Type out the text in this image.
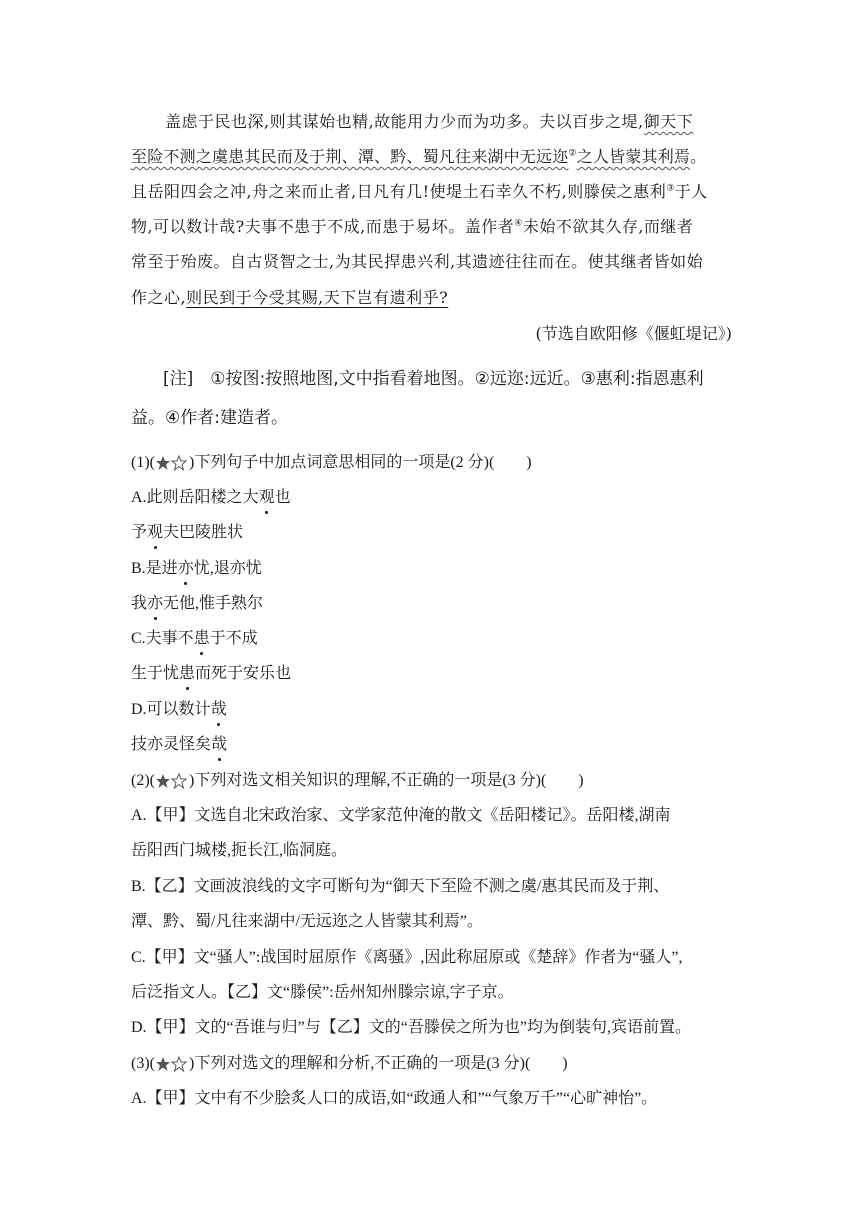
盖虑于民也深,则其谋始也精,故能用力少而为功多。夫以百步之堤,御天下
至险不测之虞患其民而及于荆、潭、黔、蜀凡往来湖中无远迩②之人皆蒙其利焉。
且岳阳四会之冲,舟之来而止者,日凡有几!使堤土石幸久不朽,则滕侯之惠利③于人
物,可以数计哉?夫事不患于不成,而患于易坏。盖作者④未始不欲其久存,而继者
常至于殆废。自古贤智之士,为其民捍患兴利,其遗迹往往而在。使其继者皆如始
作之心,则民到于今受其赐,天下岂有遗利乎?
(节选自欧阳修《偃虹堤记》)
[注]　①按图:按照地图,文中指看着地图。②远迩:远近。③惠利:指恩惠利
益。④作者:建造者。
(1)( )下列句子中加点词意思相同的一项是(2 分)(　　)
A.此则岳阳楼之大观也
予观夫巴陵胜状
B.是进亦忧,退亦忧
我亦无他,惟手熟尔
C.夫事不患于不成
生于忧患而死于安乐也
D.可以数计哉
技亦灵怪矣哉
(2)( )下列对选文相关知识的理解,不正确的一项是(3 分)(　　)
A.【甲】文选自北宋政治家、文学家范仲淹的散文《岳阳楼记》。岳阳楼,湖南
岳阳西门城楼,扼长江,临洞庭。
B.【乙】文画波浪线的文字可断句为“御天下至险不测之虞/惠其民而及于荆、
潭、黔、蜀/凡往来湖中/无远迩之人皆蒙其利焉”。
C.【甲】文“骚人”:战国时屈原作《离骚》,因此称屈原或《楚辞》作者为“骚人”,
后泛指文人。【乙】文“滕侯”:岳州知州滕宗谅,字子京。
D.【甲】文的“吾谁与归”与【乙】文的“吾滕侯之所为也”均为倒装句,宾语前置。
(3)( )下列对选文的理解和分析,不正确的一项是(3 分)(　　)
A.【甲】文中有不少脍炙人口的成语,如“政通人和”“气象万千”“心旷神怡”。
